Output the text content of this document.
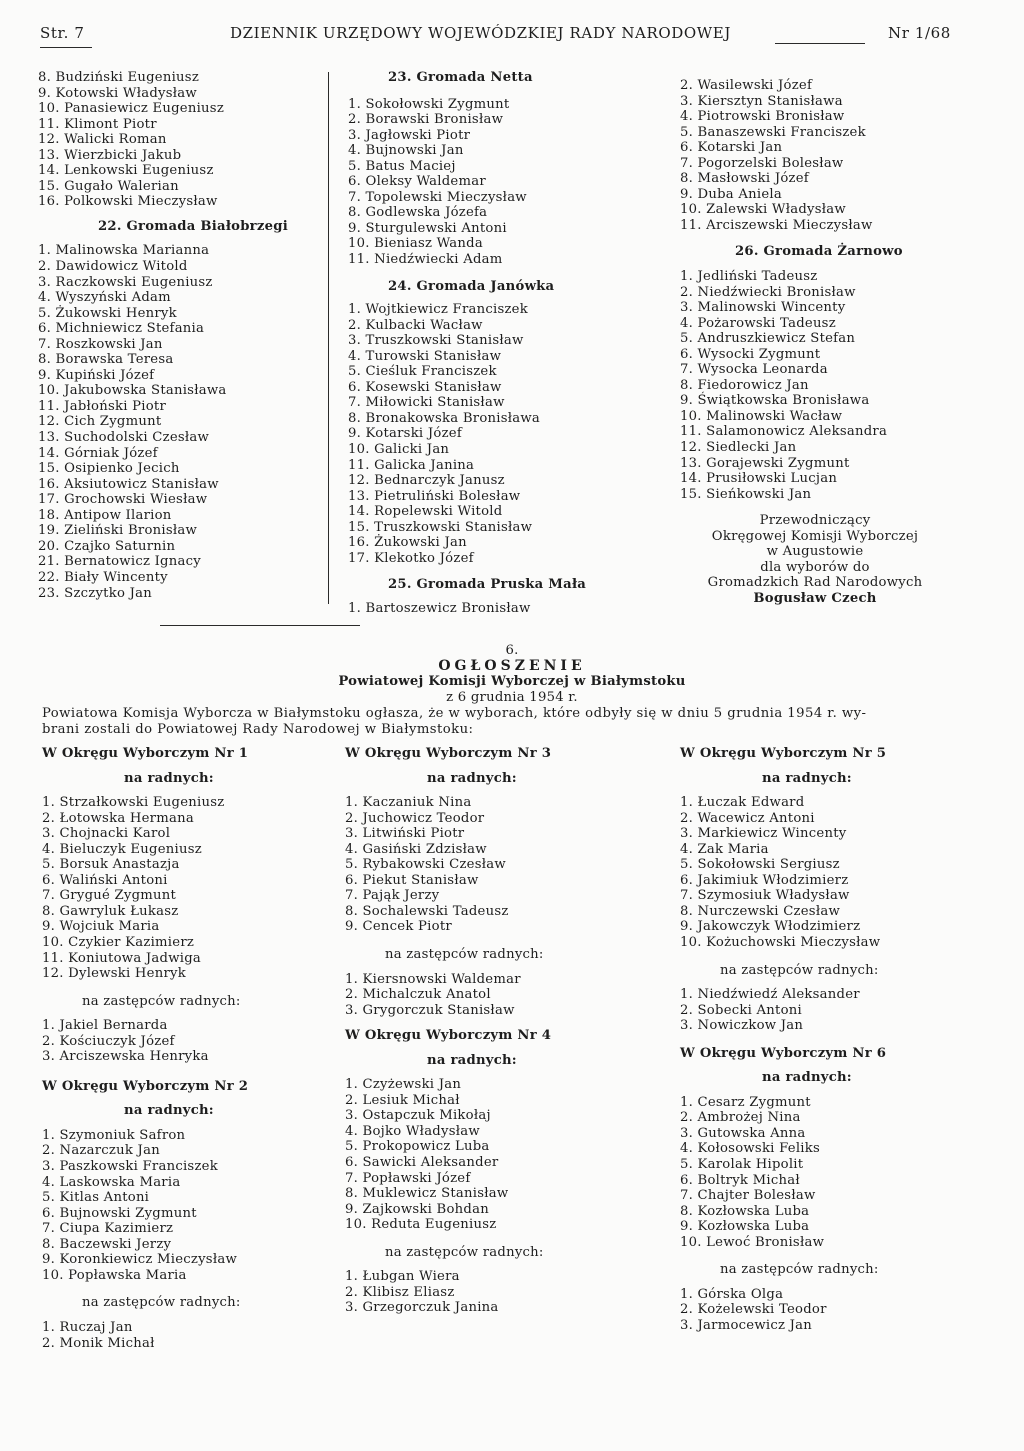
Str. 7	DZIENNIK URZĘDOWY WOJEWÓDZKIEJ RADY NARODOWEJ	Nr 1/68
8. Budziński Eugeniusz
9. Kotowski Władysław
10. Panasiewicz Eugeniusz
11. Klimont Piotr
12. Walicki Roman
13. Wierzbicki Jakub
14. Lenkowski Eugeniusz
15. Gugało Walerian
16. Polkowski Mieczysław
22. Gromada Białobrzegi
1. Malinowska Marianna
2. Dawidowicz Witold
3. Raczkowski Eugeniusz
4. Wyszyński Adam
5. Żukowski Henryk
6. Michniewicz Stefania
7. Roszkowski Jan
8. Borawska Teresa
9. Kupiński Józef
10. Jakubowska Stanisława
11. Jabłoński Piotr
12. Cich Zygmunt
13. Suchodolski Czesław
14. Górniak Józef
15. Osipienko Jecich
16. Aksiutowicz Stanisław
17. Grochowski Wiesław
18. Antipow Ilarion
19. Zieliński Bronisław
20. Czajko Saturnin
21. Bernatowicz Ignacy
22. Biały Wincenty
23. Szczytko Jan
23. Gromada Netta
1. Sokołowski Zygmunt
2. Borawski Bronisław
3. Jagłowski Piotr
4. Bujnowski Jan
5. Batus Maciej
6. Oleksy Waldemar
7. Topolewski Mieczysław
8. Godlewska Józefa
9. Sturgulewski Antoni
10. Bieniasz Wanda
11. Niedźwiecki Adam
24. Gromada Janówka
1. Wojtkiewicz Franciszek
2. Kulbacki Wacław
3. Truszkowski Stanisław
4. Turowski Stanisław
5. Cieśluk Franciszek
6. Kosewski Stanisław
7. Miłowicki Stanisław
8. Bronakowska Bronisława
9. Kotarski Józef
10. Galicki Jan
11. Galicka Janina
12. Bednarczyk Janusz
13. Pietruliński Bolesław
14. Ropelewski Witold
15. Truszkowski Stanisław
16. Żukowski Jan
17. Klekotko Józef
25. Gromada Pruska Mała
1. Bartoszewicz Bronisław
2. Wasilewski Józef
3. Kiersztyn Stanisława
4. Piotrowski Bronisław
5. Banaszewski Franciszek
6. Kotarski Jan
7. Pogorzelski Bolesław
8. Masłowski Józef
9. Duba Aniela
10. Zalewski Władysław
11. Arciszewski Mieczysław
26. Gromada Żarnowo
1. Jedliński Tadeusz
2. Niedźwiecki Bronisław
3. Malinowski Wincenty
4. Pożarowski Tadeusz
5. Andruszkiewicz Stefan
6. Wysocki Zygmunt
7. Wysocka Leonarda
8. Fiedorowicz Jan
9. Świątkowska Bronisława
10. Malinowski Wacław
11. Salamonowicz Aleksandra
12. Siedlecki Jan
13. Gorajewski Zygmunt
14. Prusiłowski Lucjan
15. Sieńkowski Jan
Przewodniczący
Okręgowej Komisji Wyborczej
w Augustowie
dla wyborów do
Gromadzkich Rad Narodowych
Bogusław Czech
6.
OGŁOSZENIE
Powiatowej Komisji Wyborczej w Białymstoku
z 6 grudnia 1954 r.
Powiatowa Komisja Wyborcza w Białymstoku ogłasza, że w wyborach, które odbyły się w dniu 5 grudnia 1954 r. wy-
brani zostali do Powiatowej Rady Narodowej w Białymstoku:
W Okręgu Wyborczym Nr 1
na radnych:
1. Strzałkowski Eugeniusz
2. Łotowska Hermana
3. Chojnacki Karol
4. Bieluczyk Eugeniusz
5. Borsuk Anastazja
6. Waliński Antoni
7. Grygué Zygmunt
8. Gawryluk Łukasz
9. Wojciuk Maria
10. Czykier Kazimierz
11. Koniutowa Jadwiga
12. Dylewski Henryk
na zastępców radnych:
1. Jakiel Bernarda
2. Kościuczyk Józef
3. Arciszewska Henryka
W Okręgu Wyborczym Nr 2
na radnych:
1. Szymoniuk Safron
2. Nazarczuk Jan
3. Paszkowski Franciszek
4. Laskowska Maria
5. Kitlas Antoni
6. Bujnowski Zygmunt
7. Ciupa Kazimierz
8. Baczewski Jerzy
9. Koronkiewicz Mieczysław
10. Popławska Maria
na zastępców radnych:
1. Ruczaj Jan
2. Monik Michał
W Okręgu Wyborczym Nr 3
na radnych:
1. Kaczaniuk Nina
2. Juchowicz Teodor
3. Litwiński Piotr
4. Gasiński Zdzisław
5. Rybakowski Czesław
6. Piekut Stanisław
7. Pająk Jerzy
8. Sochalewski Tadeusz
9. Cencek Piotr
na zastępców radnych:
1. Kiersnowski Waldemar
2. Michalczuk Anatol
3. Grygorczuk Stanisław
W Okręgu Wyborczym Nr 4
na radnych:
1. Czyżewski Jan
2. Lesiuk Michał
3. Ostapczuk Mikołaj
4. Bojko Władysław
5. Prokopowicz Luba
6. Sawicki Aleksander
7. Popławski Józef
8. Muklewicz Stanisław
9. Zajkowski Bohdan
10. Reduta Eugeniusz
na zastępców radnych:
1. Łubgan Wiera
2. Klibisz Eliasz
3. Grzegorczuk Janina
W Okręgu Wyborczym Nr 5
na radnych:
1. Łuczak Edward
2. Wacewicz Antoni
3. Markiewicz Wincenty
4. Zak Maria
5. Sokołowski Sergiusz
6. Jakimiuk Włodzimierz
7. Szymosiuk Władysław
8. Nurczewski Czesław
9. Jakowczyk Włodzimierz
10. Kożuchowski Mieczysław
na zastępców radnych:
1. Niedźwiedź Aleksander
2. Sobecki Antoni
3. Nowiczkow Jan
W Okręgu Wyborczym Nr 6
na radnych:
1. Cesarz Zygmunt
2. Ambrożej Nina
3. Gutowska Anna
4. Kołosowski Feliks
5. Karolak Hipolit
6. Boltryk Michał
7. Chajter Bolesław
8. Kozłowska Luba
9. Kozłowska Luba
10. Lewoć Bronisław
na zastępców radnych:
1. Górska Olga
2. Kożelewski Teodor
3. Jarmocewicz Jan
